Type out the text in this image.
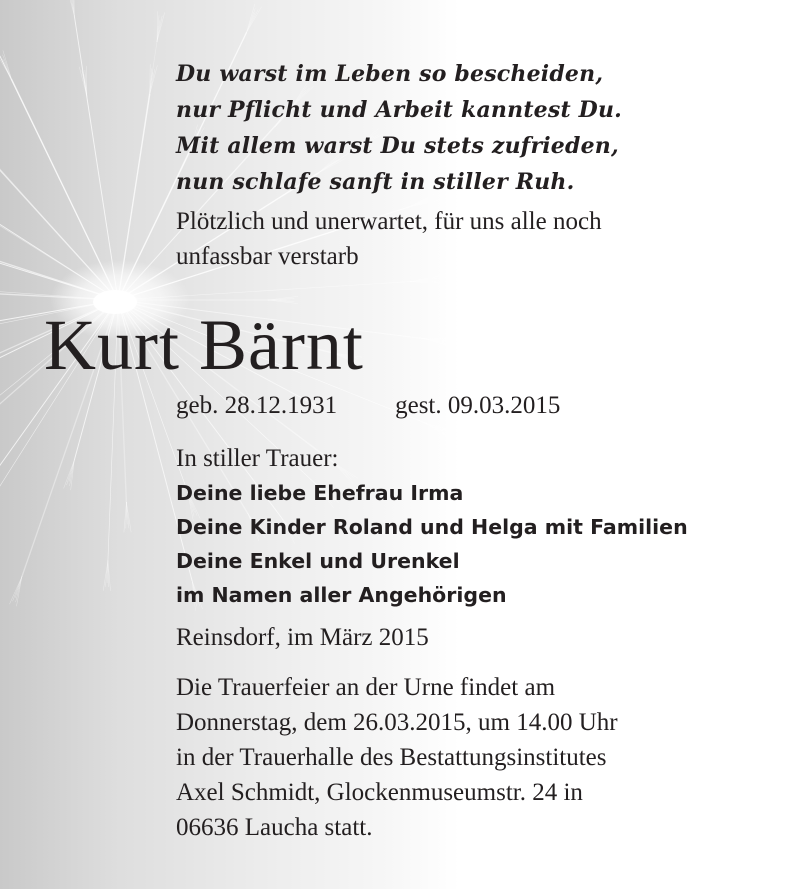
Du warst im Leben so bescheiden,
nur Pflicht und Arbeit kanntest Du.
Mit allem warst Du stets zufrieden,
nun schlafe sanft in stiller Ruh.
Plötzlich und unerwartet, für uns alle noch
unfassbar verstarb
Kurt Bärnt
geb. 28.12.1931 gest. 09.03.2015
In stiller Trauer:
Deine liebe Ehefrau Irma
Deine Kinder Roland und Helga mit Familien
Deine Enkel und Urenkel
im Namen aller Angehörigen
Reinsdorf, im März 2015
Die Trauerfeier an der Urne findet am
Donnerstag, dem 26.03.2015, um 14.00 Uhr
in der Trauerhalle des Bestattungsinstitutes
Axel Schmidt, Glockenmuseumstr. 24 in
06636 Laucha statt.
